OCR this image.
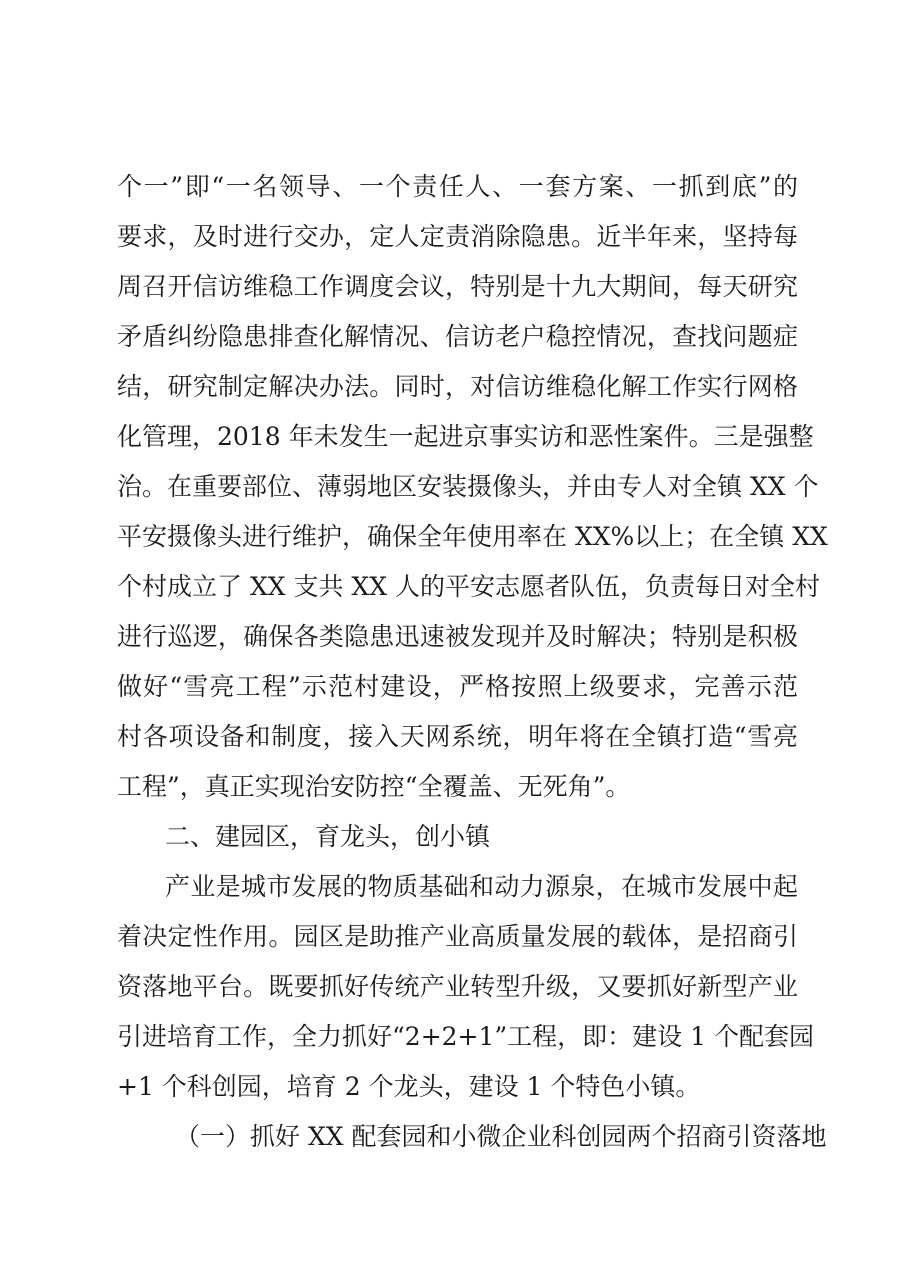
个一”即“一名领导、一个责任人、一套方案、一抓到底”的
要求，及时进行交办，定人定责消除隐患。近半年来，坚持每
周召开信访维稳工作调度会议，特别是十九大期间，每天研究
矛盾纠纷隐患排查化解情况、信访老户稳控情况，查找问题症
结，研究制定解决办法。同时，对信访维稳化解工作实行网格
化管理，2018 年未发生一起进京事实访和恶性案件。三是强整
治。在重要部位、薄弱地区安装摄像头，并由专人对全镇 XX 个
平安摄像头进行维护，确保全年使用率在 XX%以上；在全镇 XX
个村成立了 XX 支共 XX 人的平安志愿者队伍，负责每日对全村
进行巡逻，确保各类隐患迅速被发现并及时解决；特别是积极
做好“雪亮工程”示范村建设，严格按照上级要求，完善示范
村各项设备和制度，接入天网系统，明年将在全镇打造“雪亮
工程”，真正实现治安防控“全覆盖、无死角”。
二、建园区，育龙头，创小镇
产业是城市发展的物质基础和动力源泉，在城市发展中起
着决定性作用。园区是助推产业高质量发展的载体，是招商引
资落地平台。既要抓好传统产业转型升级，又要抓好新型产业
引进培育工作，全力抓好“2+2+1”工程，即：建设 1 个配套园
+1 个科创园，培育 2 个龙头，建设 1 个特色小镇。
（一）抓好 XX 配套园和小微企业科创园两个招商引资落地
